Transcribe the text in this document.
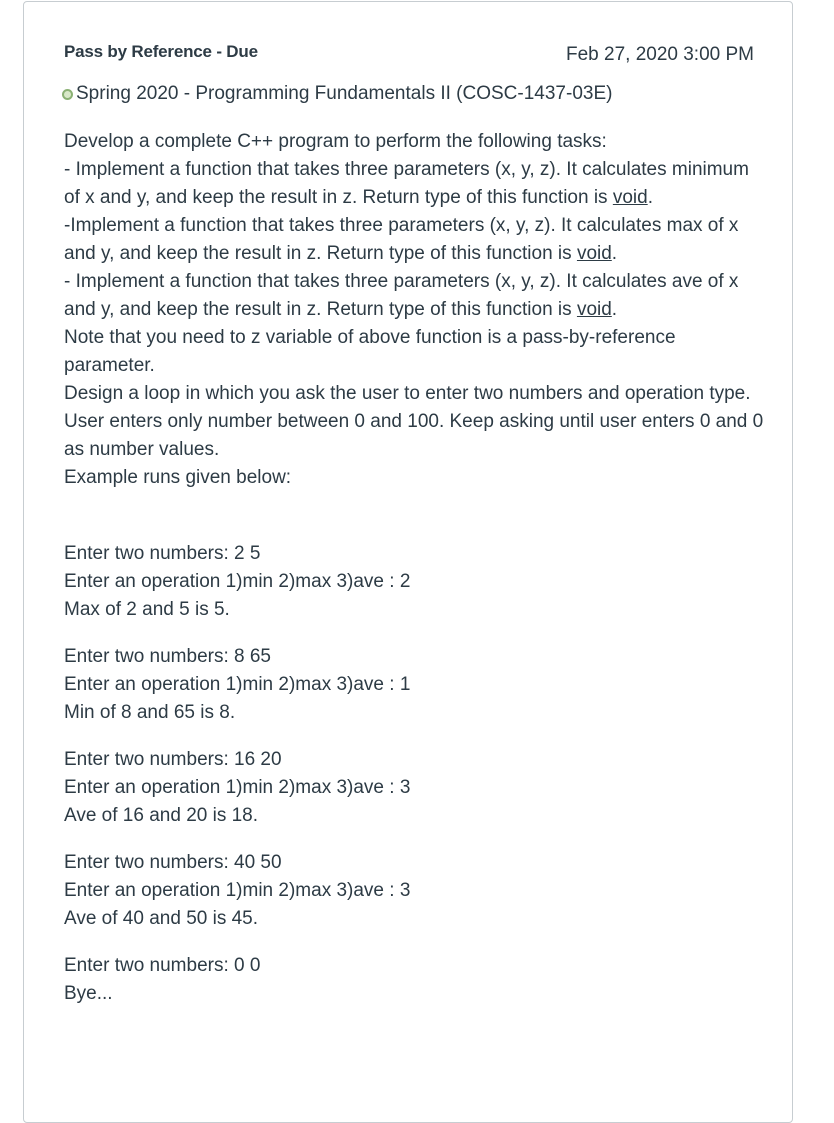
Pass by Reference - Due	Feb 27, 2020 3:00 PM
Spring 2020 - Programming Fundamentals II (COSC-1437-03E)

Develop a complete C++ program to perform the following tasks:
- Implement a function that takes three parameters (x, y, z). It calculates minimum of x and y, and keep the result in z. Return type of this function is void.
-Implement a function that takes three parameters (x, y, z). It calculates max of x and y, and keep the result in z. Return type of this function is void.
- Implement a function that takes three parameters (x, y, z). It calculates ave of x and y, and keep the result in z. Return type of this function is void.

Note that you need to z variable of above function is a pass-by-reference parameter.

Design a loop in which you ask the user to enter two numbers and operation type. User enters only number between 0 and 100. Keep asking until user enters 0 and 0 as number values.

Example runs given below:

Enter two numbers: 2 5

Enter an operation 1)min 2)max 3)ave : 2

Max of 2 and 5 is 5.

Enter two numbers: 8 65

Enter an operation 1)min 2)max 3)ave : 1

Min of 8 and 65 is 8.

Enter two numbers: 16 20

Enter an operation 1)min 2)max 3)ave : 3

Ave of 16 and 20 is 18.

Enter two numbers: 40 50

Enter an operation 1)min 2)max 3)ave : 3

Ave of 40 and 50 is 45.

Enter two numbers: 0 0

Bye...
